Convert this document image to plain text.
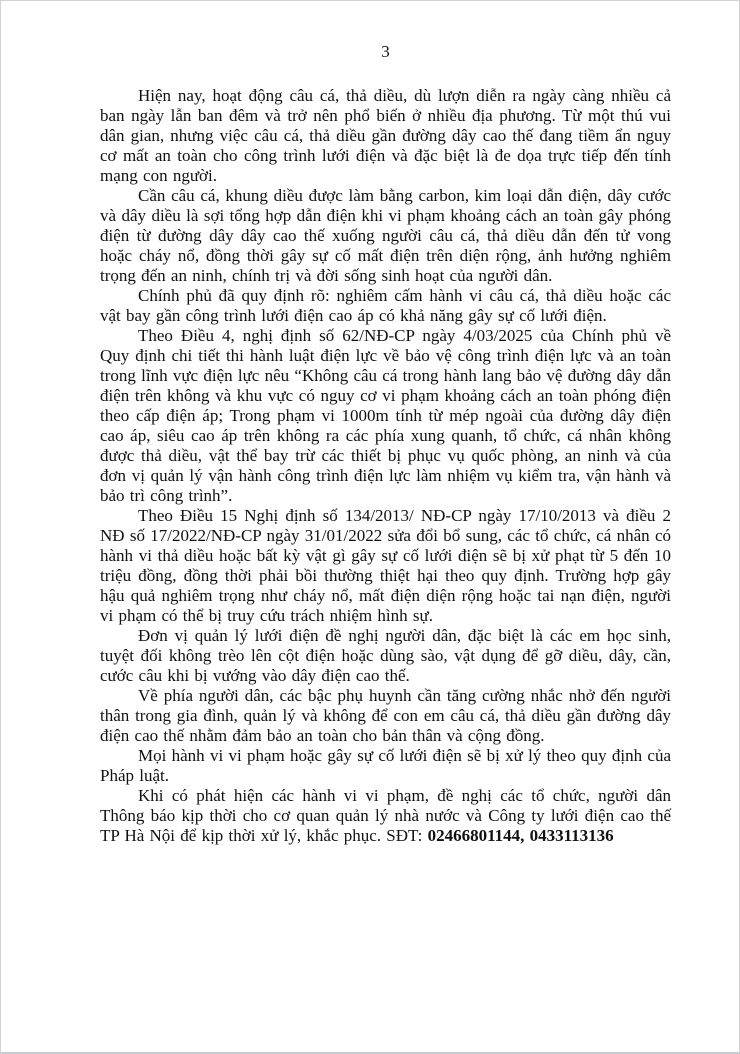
3

Hiện nay, hoạt động câu cá, thả diều, dù lượn diễn ra ngày càng nhiều cả ban ngày lẫn ban đêm và trở nên phổ biến ở nhiều địa phương. Từ một thú vui dân gian, nhưng việc câu cá, thả diều gần đường dây cao thế đang tiềm ẩn nguy cơ mất an toàn cho công trình lưới điện và đặc biệt là đe dọa trực tiếp đến tính mạng con người.

Cần câu cá, khung diều được làm bằng carbon, kim loại dẫn điện, dây cước và dây diều là sợi tổng hợp dẫn điện khi vi phạm khoảng cách an toàn gây phóng điện từ đường dây dây cao thế xuống người câu cá, thả diều dẫn đến tử vong hoặc cháy nổ, đồng thời gây sự cố mất điện trên diện rộng, ảnh hưởng nghiêm trọng đến an ninh, chính trị và đời sống sinh hoạt của người dân.

Chính phủ đã quy định rõ: nghiêm cấm hành vi câu cá, thả diều hoặc các vật bay gần công trình lưới điện cao áp có khả năng gây sự cố lưới điện.

Theo Điều 4, nghị định số 62/NĐ-CP ngày 4/03/2025 của Chính phủ về Quy định chi tiết thi hành luật điện lực về bảo vệ công trình điện lực và an toàn trong lĩnh vực điện lực nêu “Không câu cá trong hành lang bảo vệ đường dây dẫn điện trên không và khu vực có nguy cơ vi phạm khoảng cách an toàn phóng điện theo cấp điện áp; Trong phạm vi 1000m tính từ mép ngoài của đường dây điện cao áp, siêu cao áp trên không ra các phía xung quanh, tổ chức, cá nhân không được thả diều, vật thể bay trừ các thiết bị phục vụ quốc phòng, an ninh và của đơn vị quản lý vận hành công trình điện lực làm nhiệm vụ kiểm tra, vận hành và bảo trì công trình”.

Theo Điều 15 Nghị định số 134/2013/ NĐ-CP ngày 17/10/2013 và điều 2 NĐ số 17/2022/NĐ-CP ngày 31/01/2022 sửa đổi bổ sung, các tổ chức, cá nhân có hành vi thả diều hoặc bất kỳ vật gì gây sự cố lưới điện sẽ bị xử phạt từ 5 đến 10 triệu đồng, đồng thời phải bồi thường thiệt hại theo quy định. Trường hợp gây hậu quả nghiêm trọng như cháy nổ, mất điện diện rộng hoặc tai nạn điện, người vi phạm có thể bị truy cứu trách nhiệm hình sự.

Đơn vị quản lý lưới điện đề nghị người dân, đặc biệt là các em học sinh, tuyệt đối không trèo lên cột điện hoặc dùng sào, vật dụng để gỡ diều, dây, cần, cước câu khi bị vướng vào dây điện cao thế.

Về phía người dân, các bậc phụ huynh cần tăng cường nhắc nhở đến người thân trong gia đình, quản lý và không để con em câu cá, thả diều gần đường dây điện cao thế nhằm đảm bảo an toàn cho bản thân và cộng đồng.

Mọi hành vi vi phạm hoặc gây sự cố lưới điện sẽ bị xử lý theo quy định của Pháp luật.

Khi có phát hiện các hành vi vi phạm, đề nghị các tổ chức, người dân Thông báo kịp thời cho cơ quan quản lý nhà nước và Công ty lưới điện cao thế TP Hà Nội để kịp thời xử lý, khắc phục. SĐT: 02466801144, 0433113136
